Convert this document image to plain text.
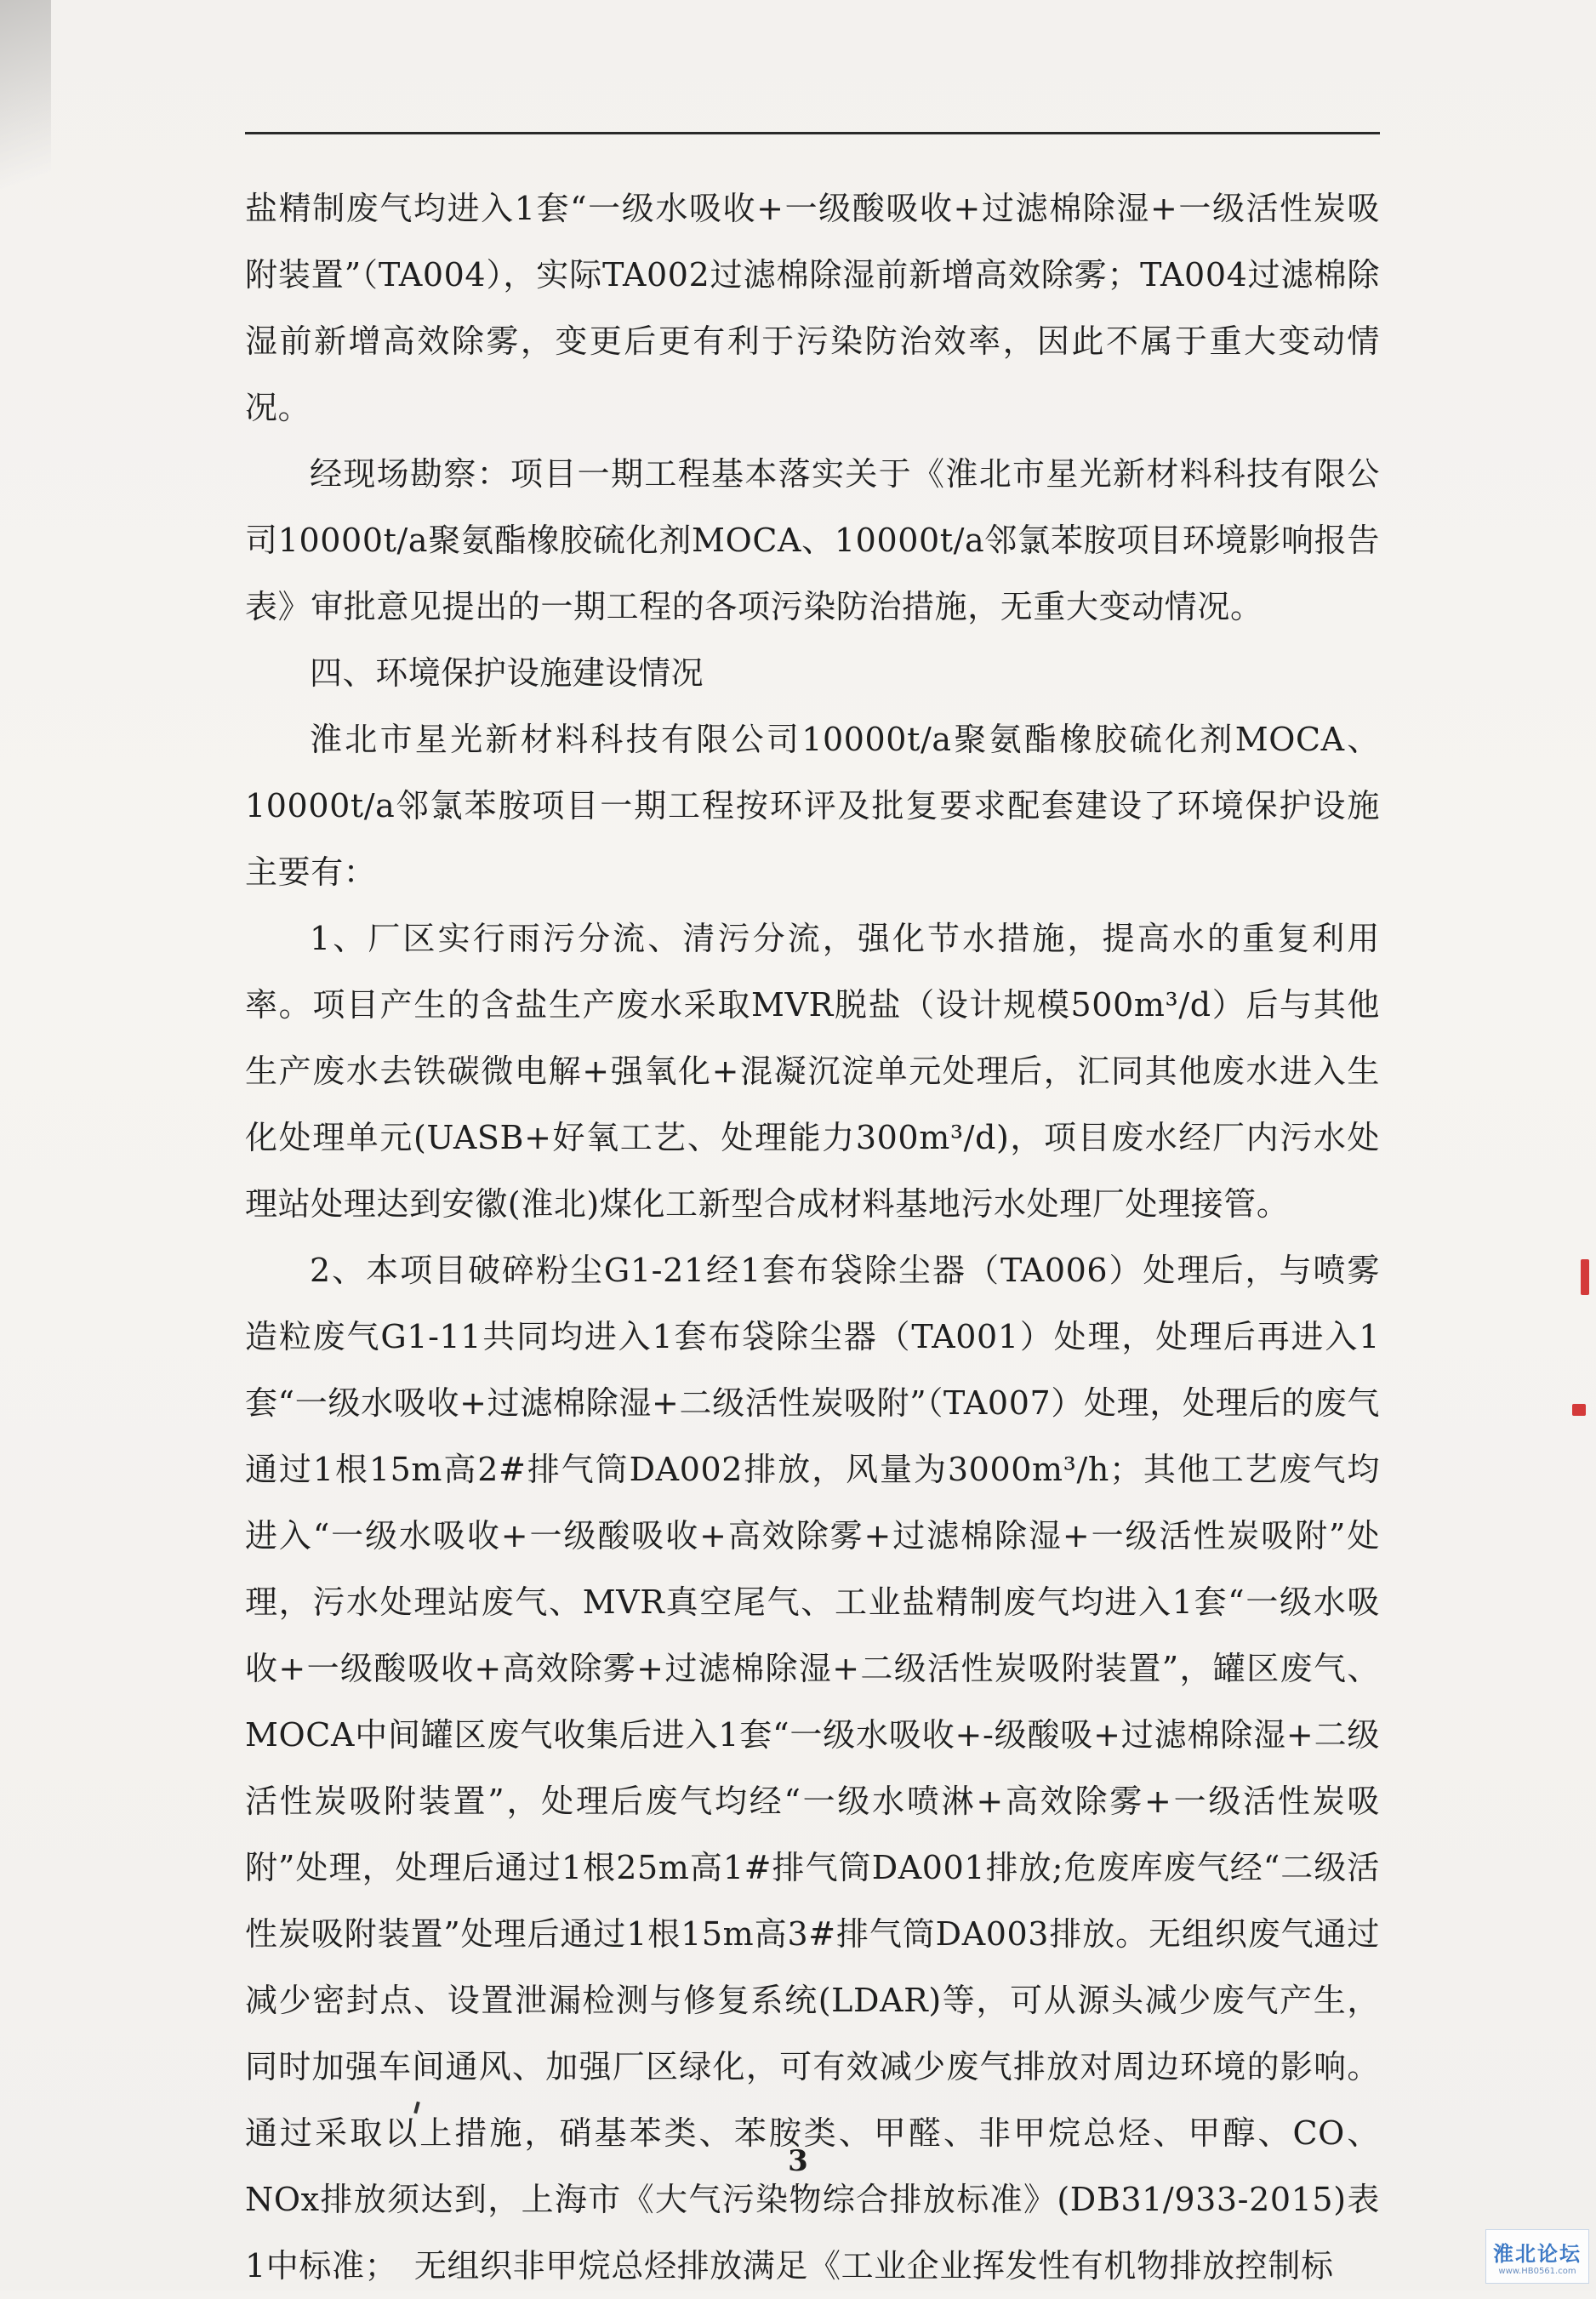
盐精制废气均进入1套“一级水吸收+一级酸吸收+过滤棉除湿+一级活性炭吸附装置”（TA004），实际TA002过滤棉除湿前新增高效除雾；TA004过滤棉除湿前新增高效除雾，变更后更有利于污染防治效率，因此不属于重大变动情况。

经现场勘察：项目一期工程基本落实关于《淮北市星光新材料科技有限公司10000t/a聚氨酯橡胶硫化剂MOCA、10000t/a邻氯苯胺项目环境影响报告表》审批意见提出的一期工程的各项污染防治措施，无重大变动情况。

四、环境保护设施建设情况

淮北市星光新材料科技有限公司10000t/a聚氨酯橡胶硫化剂MOCA、10000t/a邻氯苯胺项目一期工程按环评及批复要求配套建设了环境保护设施主要有：

1、厂区实行雨污分流、清污分流，强化节水措施，提高水的重复利用率。项目产生的含盐生产废水采取MVR脱盐（设计规模500m³/d）后与其他生产废水去铁碳微电解+强氧化+混凝沉淀单元处理后，汇同其他废水进入生化处理单元(UASB+好氧工艺、处理能力300m³/d)，项目废水经厂内污水处理站处理达到安徽(淮北)煤化工新型合成材料基地污水处理厂处理接管。

2、本项目破碎粉尘G1-21经1套布袋除尘器（TA006）处理后，与喷雾造粒废气G1-11共同均进入1套布袋除尘器（TA001）处理，处理后再进入1套“一级水吸收+过滤棉除湿+二级活性炭吸附”（TA007）处理，处理后的废气通过1根15m高2#排气筒DA002排放，风量为3000m³/h；其他工艺废气均进入“一级水吸收+一级酸吸收+高效除雾+过滤棉除湿+一级活性炭吸附”处理，污水处理站废气、MVR真空尾气、工业盐精制废气均进入1套“一级水吸收+一级酸吸收+高效除雾+过滤棉除湿+二级活性炭吸附装置”，罐区废气、MOCA中间罐区废气收集后进入1套“一级水吸收+-级酸吸+过滤棉除湿+二级活性炭吸附装置”，处理后废气均经“一级水喷淋+高效除雾+一级活性炭吸附”处理，处理后通过1根25m高1#排气筒DA001排放;危废库废气经“二级活性炭吸附装置”处理后通过1根15m高3#排气筒DA003排放。无组织废气通过减少密封点、设置泄漏检测与修复系统(LDAR)等，可从源头减少废气产生，同时加强车间通风、加强厂区绿化，可有效减少废气排放对周边环境的影响。通过采取以上措施，硝基苯类、苯胺类、甲醛、非甲烷总烃、甲醇、CO、NOx排放须达到，上海市《大气污染物综合排放标准》(DB31/933-2015)表1中标准；　无组织非甲烷总烃排放满足《工业企业挥发性有机物排放控制标

3
淮北论坛
www.HB0561.com
